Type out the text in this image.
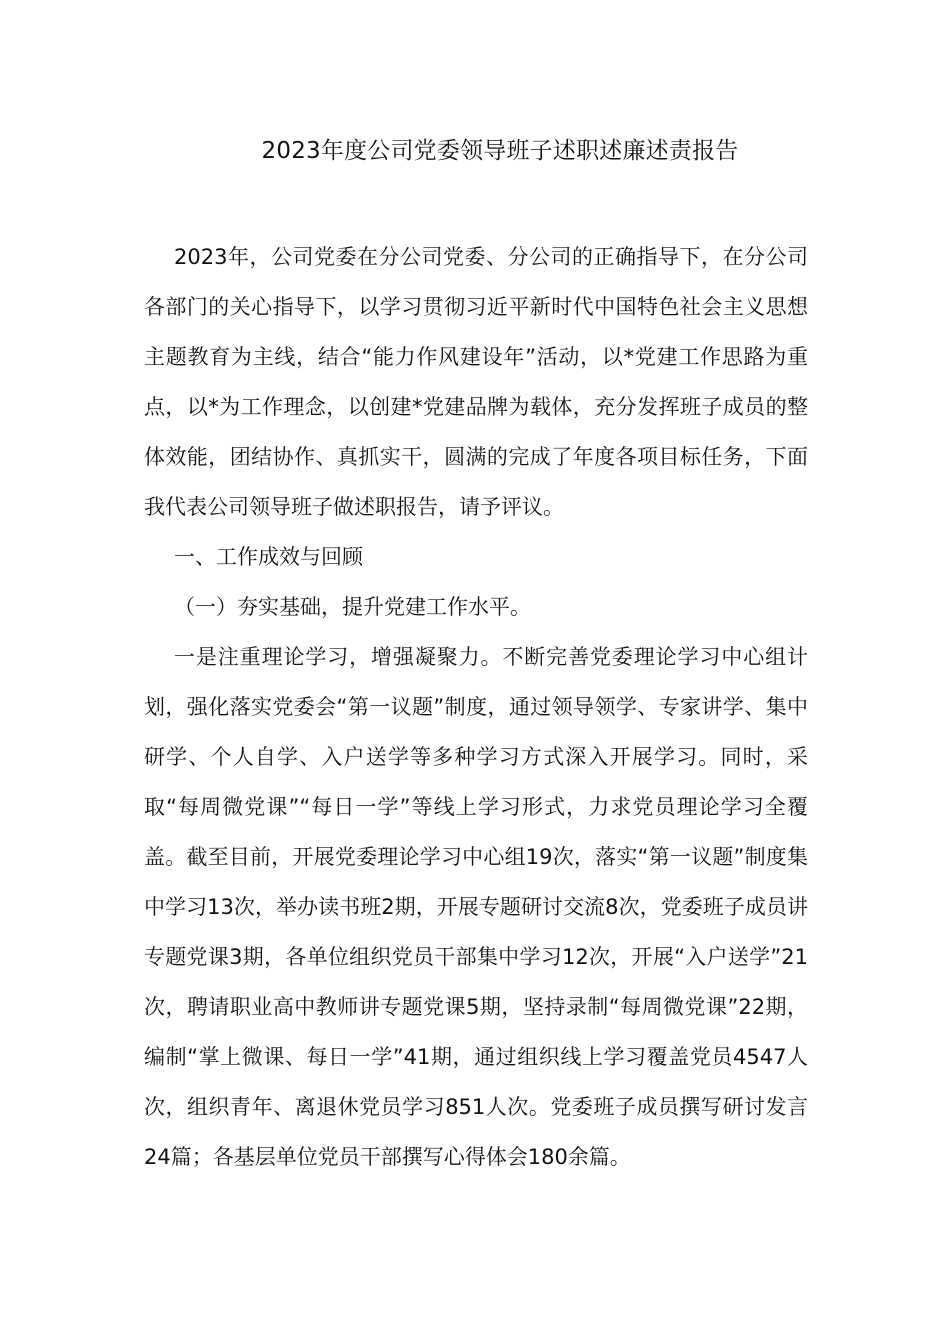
2023年度公司党委领导班子述职述廉述责报告

2023年，公司党委在分公司党委、分公司的正确指导下，在分公司各部门的关心指导下，以学习贯彻习近平新时代中国特色社会主义思想主题教育为主线，结合“能力作风建设年”活动，以*党建工作思路为重点，以*为工作理念，以创建*党建品牌为载体，充分发挥班子成员的整体效能，团结协作、真抓实干，圆满的完成了年度各项目标任务，下面我代表公司领导班子做述职报告，请予评议。

一、工作成效与回顾

（一）夯实基础，提升党建工作水平。

一是注重理论学习，增强凝聚力。不断完善党委理论学习中心组计划，强化落实党委会“第一议题”制度，通过领导领学、专家讲学、集中研学、个人自学、入户送学等多种学习方式深入开展学习。同时，采取“每周微党课”“每日一学”等线上学习形式，力求党员理论学习全覆盖。截至目前，开展党委理论学习中心组19次，落实“第一议题”制度集中学习13次，举办读书班2期，开展专题研讨交流8次，党委班子成员讲专题党课3期，各单位组织党员干部集中学习12次，开展“入户送学”21次，聘请职业高中教师讲专题党课5期，坚持录制“每周微党课”22期，编制“掌上微课、每日一学”41期，通过组织线上学习覆盖党员4547人次，组织青年、离退休党员学习851人次。党委班子成员撰写研讨发言24篇；各基层单位党员干部撰写心得体会180余篇。
